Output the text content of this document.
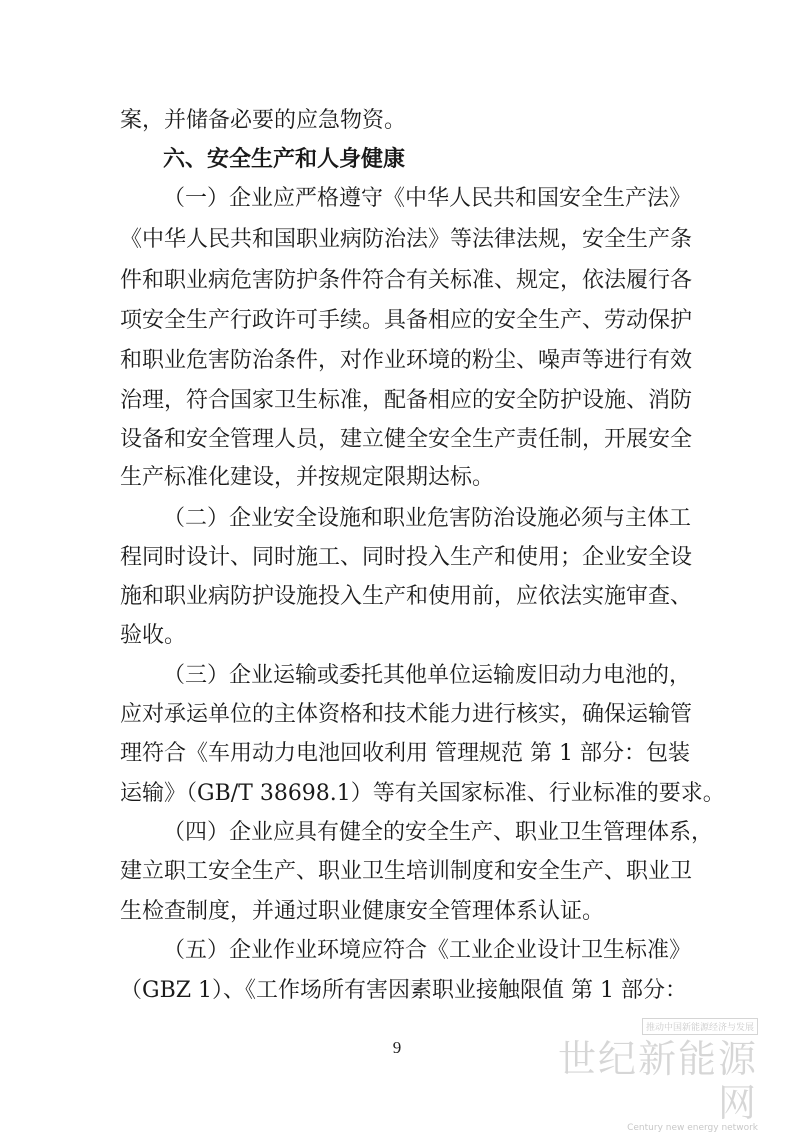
案，并储备必要的应急物资。
六、安全生产和人身健康
（一）企业应严格遵守《中华人民共和国安全生产法》
《中华人民共和国职业病防治法》等法律法规，安全生产条
件和职业病危害防护条件符合有关标准、规定，依法履行各
项安全生产行政许可手续。具备相应的安全生产、劳动保护
和职业危害防治条件，对作业环境的粉尘、噪声等进行有效
治理，符合国家卫生标准，配备相应的安全防护设施、消防
设备和安全管理人员，建立健全安全生产责任制，开展安全
生产标准化建设，并按规定限期达标。
（二）企业安全设施和职业危害防治设施必须与主体工
程同时设计、同时施工、同时投入生产和使用；企业安全设
施和职业病防护设施投入生产和使用前，应依法实施审查、
验收。
（三）企业运输或委托其他单位运输废旧动力电池的，
应对承运单位的主体资格和技术能力进行核实，确保运输管
理符合《车用动力电池回收利用 管理规范 第 1 部分：包装
运输》（GB/T 38698.1）等有关国家标准、行业标准的要求。
（四）企业应具有健全的安全生产、职业卫生管理体系，
建立职工安全生产、职业卫生培训制度和安全生产、职业卫
生检查制度，并通过职业健康安全管理体系认证。
（五）企业作业环境应符合《工业企业设计卫生标准》
（GBZ 1）、《工作场所有害因素职业接触限值 第 1 部分：
9
推动中国新能源经济与发展
世纪新能源网
Century new energy network
